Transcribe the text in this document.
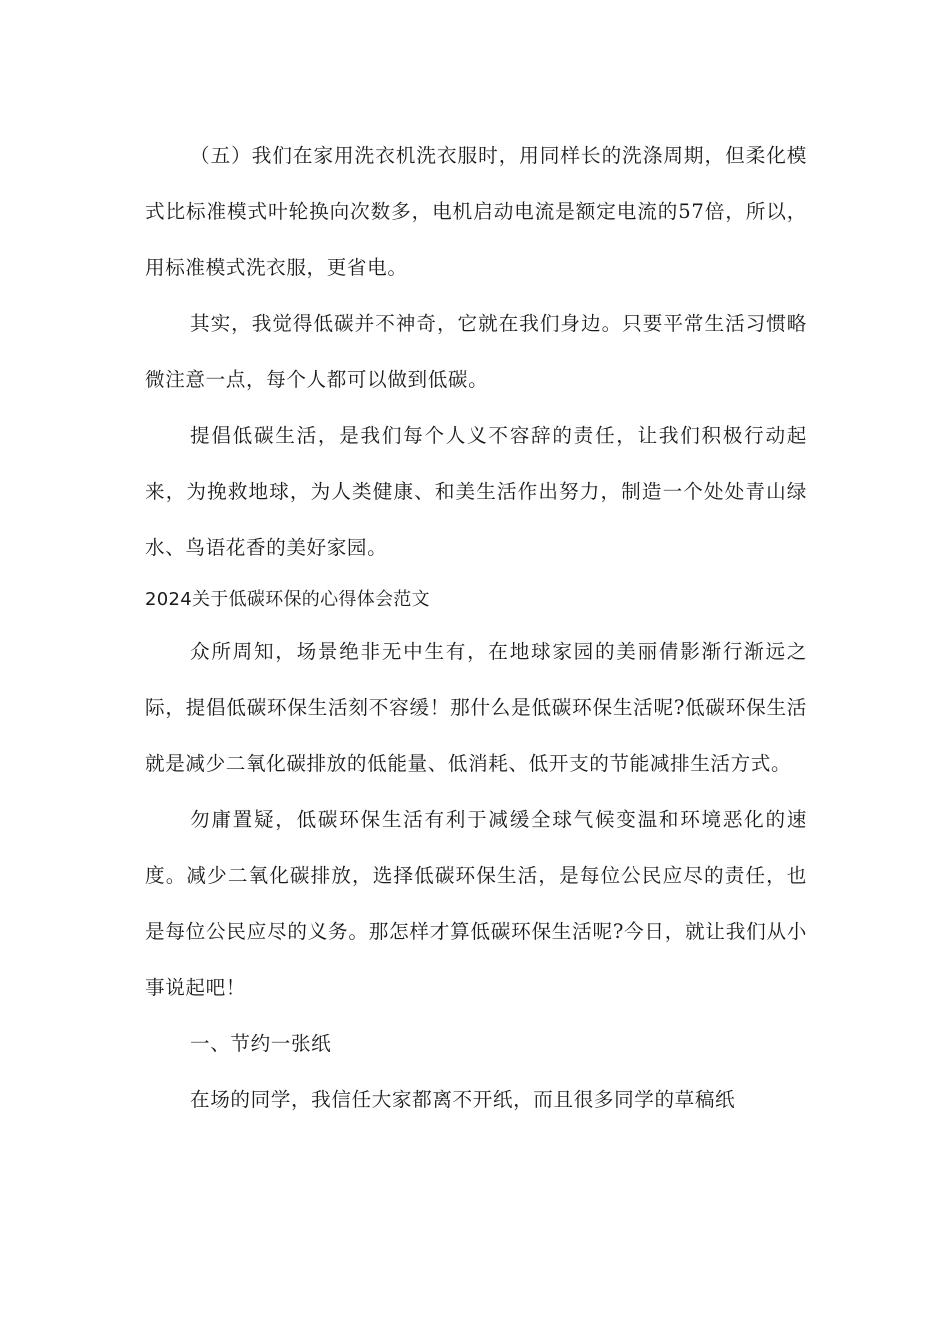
（五）我们在家用洗衣机洗衣服时，用同样长的洗涤周期，但柔化模式比标准模式叶轮换向次数多，电机启动电流是额定电流的57倍，所以，用标准模式洗衣服，更省电。

其实，我觉得低碳并不神奇，它就在我们身边。只要平常生活习惯略微注意一点，每个人都可以做到低碳。

提倡低碳生活，是我们每个人义不容辞的责任，让我们积极行动起来，为挽救地球，为人类健康、和美生活作出努力，制造一个处处青山绿水、鸟语花香的美好家园。

2024关于低碳环保的心得体会范文

众所周知，场景绝非无中生有，在地球家园的美丽倩影渐行渐远之际，提倡低碳环保生活刻不容缓！那什么是低碳环保生活呢?低碳环保生活就是减少二氧化碳排放的低能量、低消耗、低开支的节能减排生活方式。

勿庸置疑，低碳环保生活有利于减缓全球气候变温和环境恶化的速度。减少二氧化碳排放，选择低碳环保生活，是每位公民应尽的责任，也是每位公民应尽的义务。那怎样才算低碳环保生活呢?今日，就让我们从小事说起吧！

一、节约一张纸

在场的同学，我信任大家都离不开纸，而且很多同学的草稿纸
